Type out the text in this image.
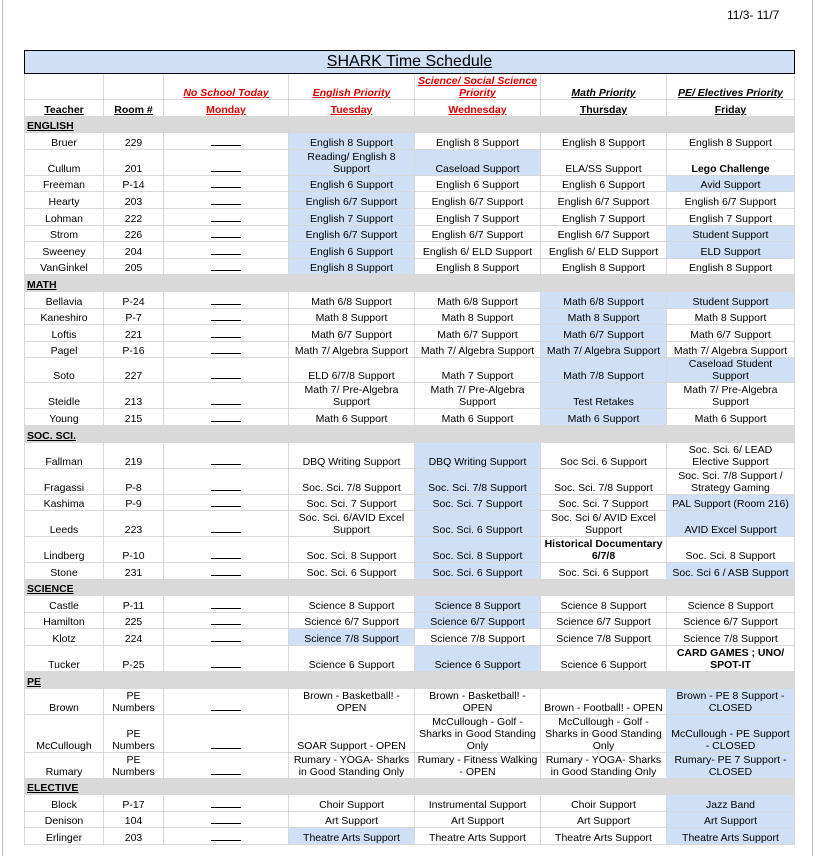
11/3- 11/7
SHARK Time Schedule						
		No School Today	English Priority	Science/ Social Science Priority	Math Priority	PE/ Electives Priority
Teacher	Room #	Monday	Tuesday	Wednesday	Thursday	Friday
ENGLISH						
Bruer	229		English 8 Support	English 8 Support	English 8 Support	English 8 Support
Cullum	201		Reading/ English 8 Support	Caseload Support	ELA/SS Support	Lego Challenge
Freeman	P-14		English 6 Support	English 6 Support	English 6 Support	Avid Support
Hearty	203		English 6/7 Support	English 6/7 Support	English 6/7 Support	English 6/7 Support
Lohman	222		English 7 Support	English 7 Support	English 7 Support	English 7 Support
Strom	226		English 6/7 Support	English 6/7 Support	English 6/7 Support	Student Support
Sweeney	204		English 6 Support	English 6/ ELD Support	English 6/ ELD Support	ELD Support
VanGinkel	205		English 8 Support	English 8 Support	English 8 Support	English 8 Support
MATH						
Bellavia	P-24		Math 6/8 Support	Math 6/8 Support	Math 6/8 Support	Student Support
Kaneshiro	P-7		Math 8 Support	Math 8 Support	Math 8 Support	Math 8 Support
Loftis	221		Math 6/7 Support	Math 6/7 Support	Math 6/7 Support	Math 6/7 Support
Pagel	P-16		Math 7/ Algebra Support	Math 7/ Algebra Support	Math 7/ Algebra Support	Math 7/ Algebra Support
Soto	227		ELD 6/7/8 Support	Math 7 Support	Math 7/8 Support	Caseload Student Support
Steidle	213		Math 7/ Pre-Algebra Support	Math 7/ Pre-Algebra Support	Test Retakes	Math 7/ Pre-Algebra Support
Young	215		Math 6 Support	Math 6 Support	Math 6 Support	Math 6 Support
SOC. SCI.						
Fallman	219		DBQ Writing Support	DBQ Writing Support	Soc Sci. 6 Support	Soc. Sci. 6/ LEAD Elective Support
Fragassi	P-8		Soc. Sci. 7/8 Support	Soc. Sci. 7/8 Support	Soc. Sci. 7/8 Support	Soc. Sci. 7/8 Support / Strategy Gaming
Kashima	P-9		Soc. Sci. 7 Support	Soc. Sci. 7 Support	Soc. Sci. 7 Support	PAL Support (Room 216)
Leeds	223		Soc. Sci. 6/AVID Excel Support	Soc. Sci. 6 Support	Soc. Sci 6/ AVID Excel Support	AVID Excel Support
Lindberg	P-10		Soc. Sci. 8 Support	Soc. Sci. 8 Support	Historical Documentary 6/7/8	Soc. Sci. 8 Support
Stone	231		Soc. Sci. 6 Support	Soc. Sci. 6 Support	Soc. Sci. 6 Support	Soc. Sci 6 / ASB Support
SCIENCE						
Castle	P-11		Science 8 Support	Science 8 Support	Science 8 Support	Science 8 Support
Hamilton	225		Science 6/7 Support	Science 6/7 Support	Science 6/7 Support	Science 6/7 Support
Klotz	224		Science 7/8 Support	Science 7/8 Support	Science 7/8 Support	Science 7/8 Support
Tucker	P-25		Science 6 Support	Science 6 Support	Science 6 Support	CARD GAMES ; UNO/ SPOT-IT
PE						
Brown	PE Numbers		Brown - Basketball! - OPEN	Brown - Basketball! - OPEN	Brown - Football! - OPEN	Brown - PE 8 Support - CLOSED
McCullough	PE Numbers		SOAR Support - OPEN	McCullough - Golf - Sharks in Good Standing Only	McCullough - Golf - Sharks in Good Standing Only	McCullough - PE Support - CLOSED
Rumary	PE Numbers		Rumary - YOGA- Sharks in Good Standing Only	Rumary - Fitness Walking - OPEN	Rumary - YOGA- Sharks in Good Standing Only	Rumary- PE 7 Support - CLOSED
ELECTIVE						
Block	P-17		Choir Support	Instrumental Support	Choir Support	Jazz Band
Denison	104		Art Support	Art Support	Art Support	Art Support
Erlinger	203		Theatre Arts Support	Theatre Arts Support	Theatre Arts Support	Theatre Arts Support
